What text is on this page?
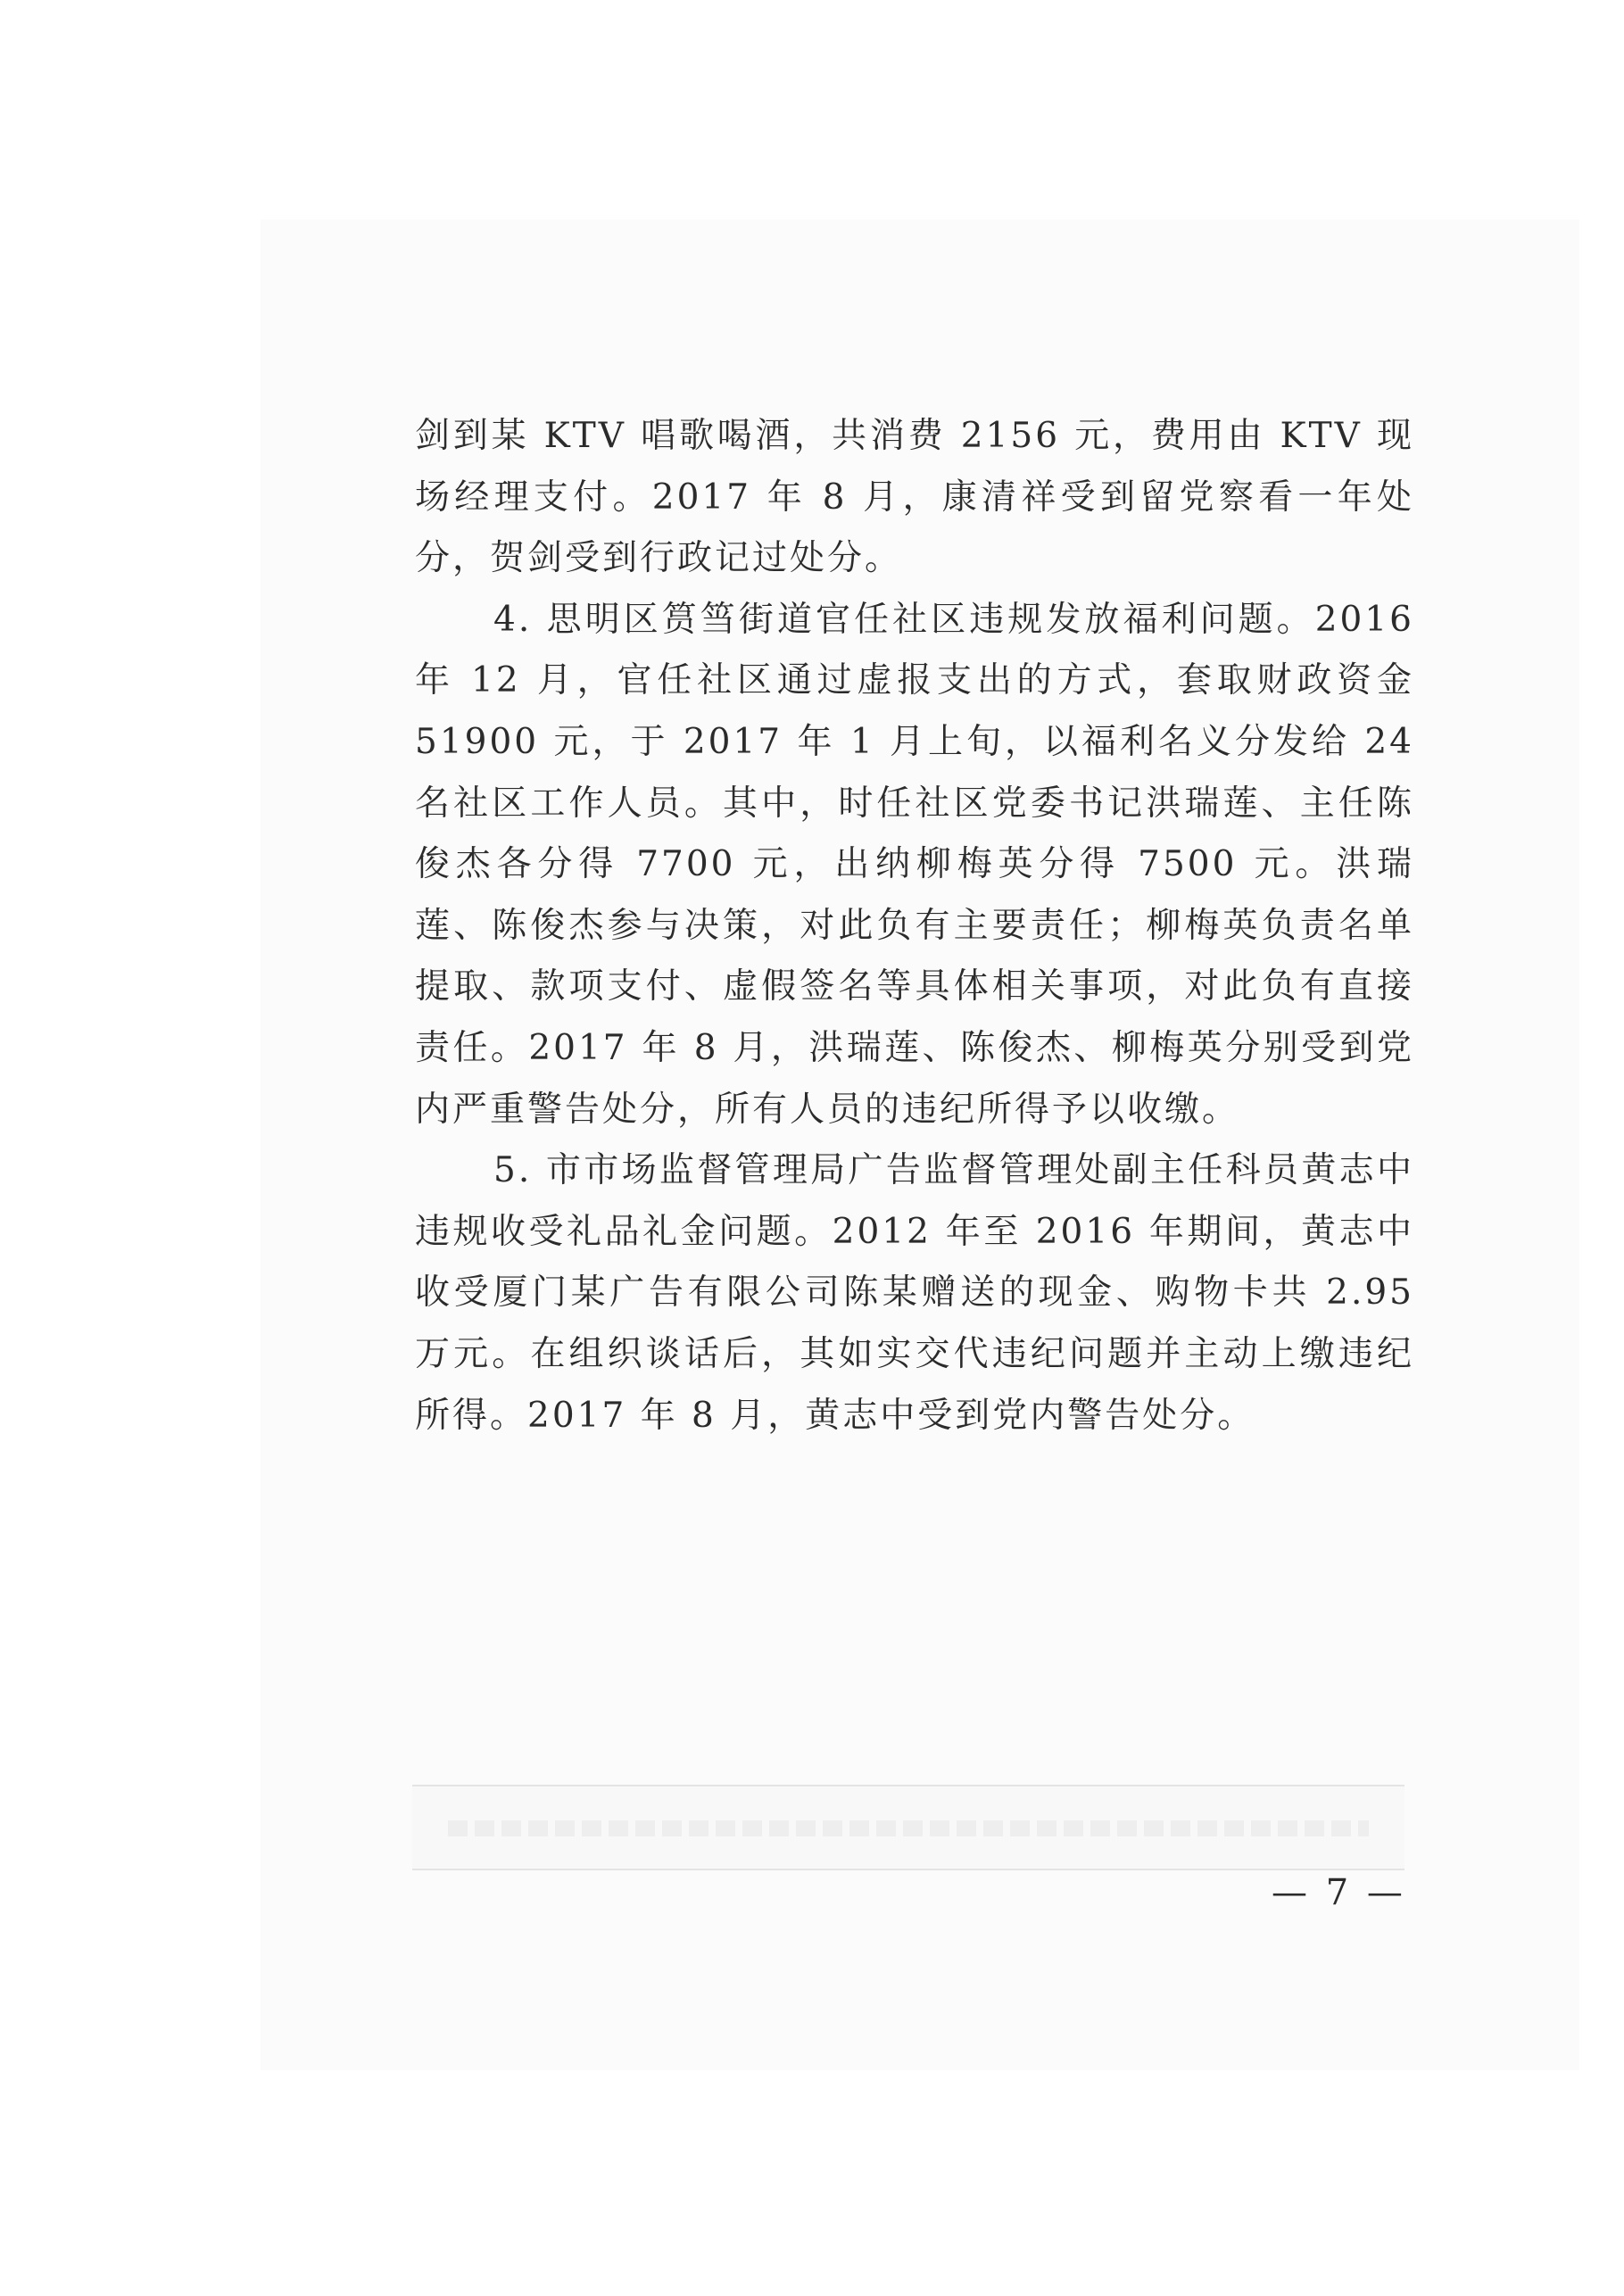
剑到某 KTV 唱歌喝酒，共消费 2156 元，费用由 KTV 现场经理支付。2017 年 8 月，康清祥受到留党察看一年处分，贺剑受到行政记过处分。

4. 思明区筼筜街道官任社区违规发放福利问题。2016 年 12 月，官任社区通过虚报支出的方式，套取财政资金 51900 元，于 2017 年 1 月上旬，以福利名义分发给 24 名社区工作人员。其中，时任社区党委书记洪瑞莲、主任陈俊杰各分得 7700 元，出纳柳梅英分得 7500 元。洪瑞莲、陈俊杰参与决策，对此负有主要责任；柳梅英负责名单提取、款项支付、虚假签名等具体相关事项，对此负有直接责任。2017 年 8 月，洪瑞莲、陈俊杰、柳梅英分别受到党内严重警告处分，所有人员的违纪所得予以收缴。

5. 市市场监督管理局广告监督管理处副主任科员黄志中违规收受礼品礼金问题。2012 年至 2016 年期间，黄志中收受厦门某广告有限公司陈某赠送的现金、购物卡共 2.95 万元。在组织谈话后，其如实交代违纪问题并主动上缴违纪所得。2017 年 8 月，黄志中受到党内警告处分。

— 7 —
